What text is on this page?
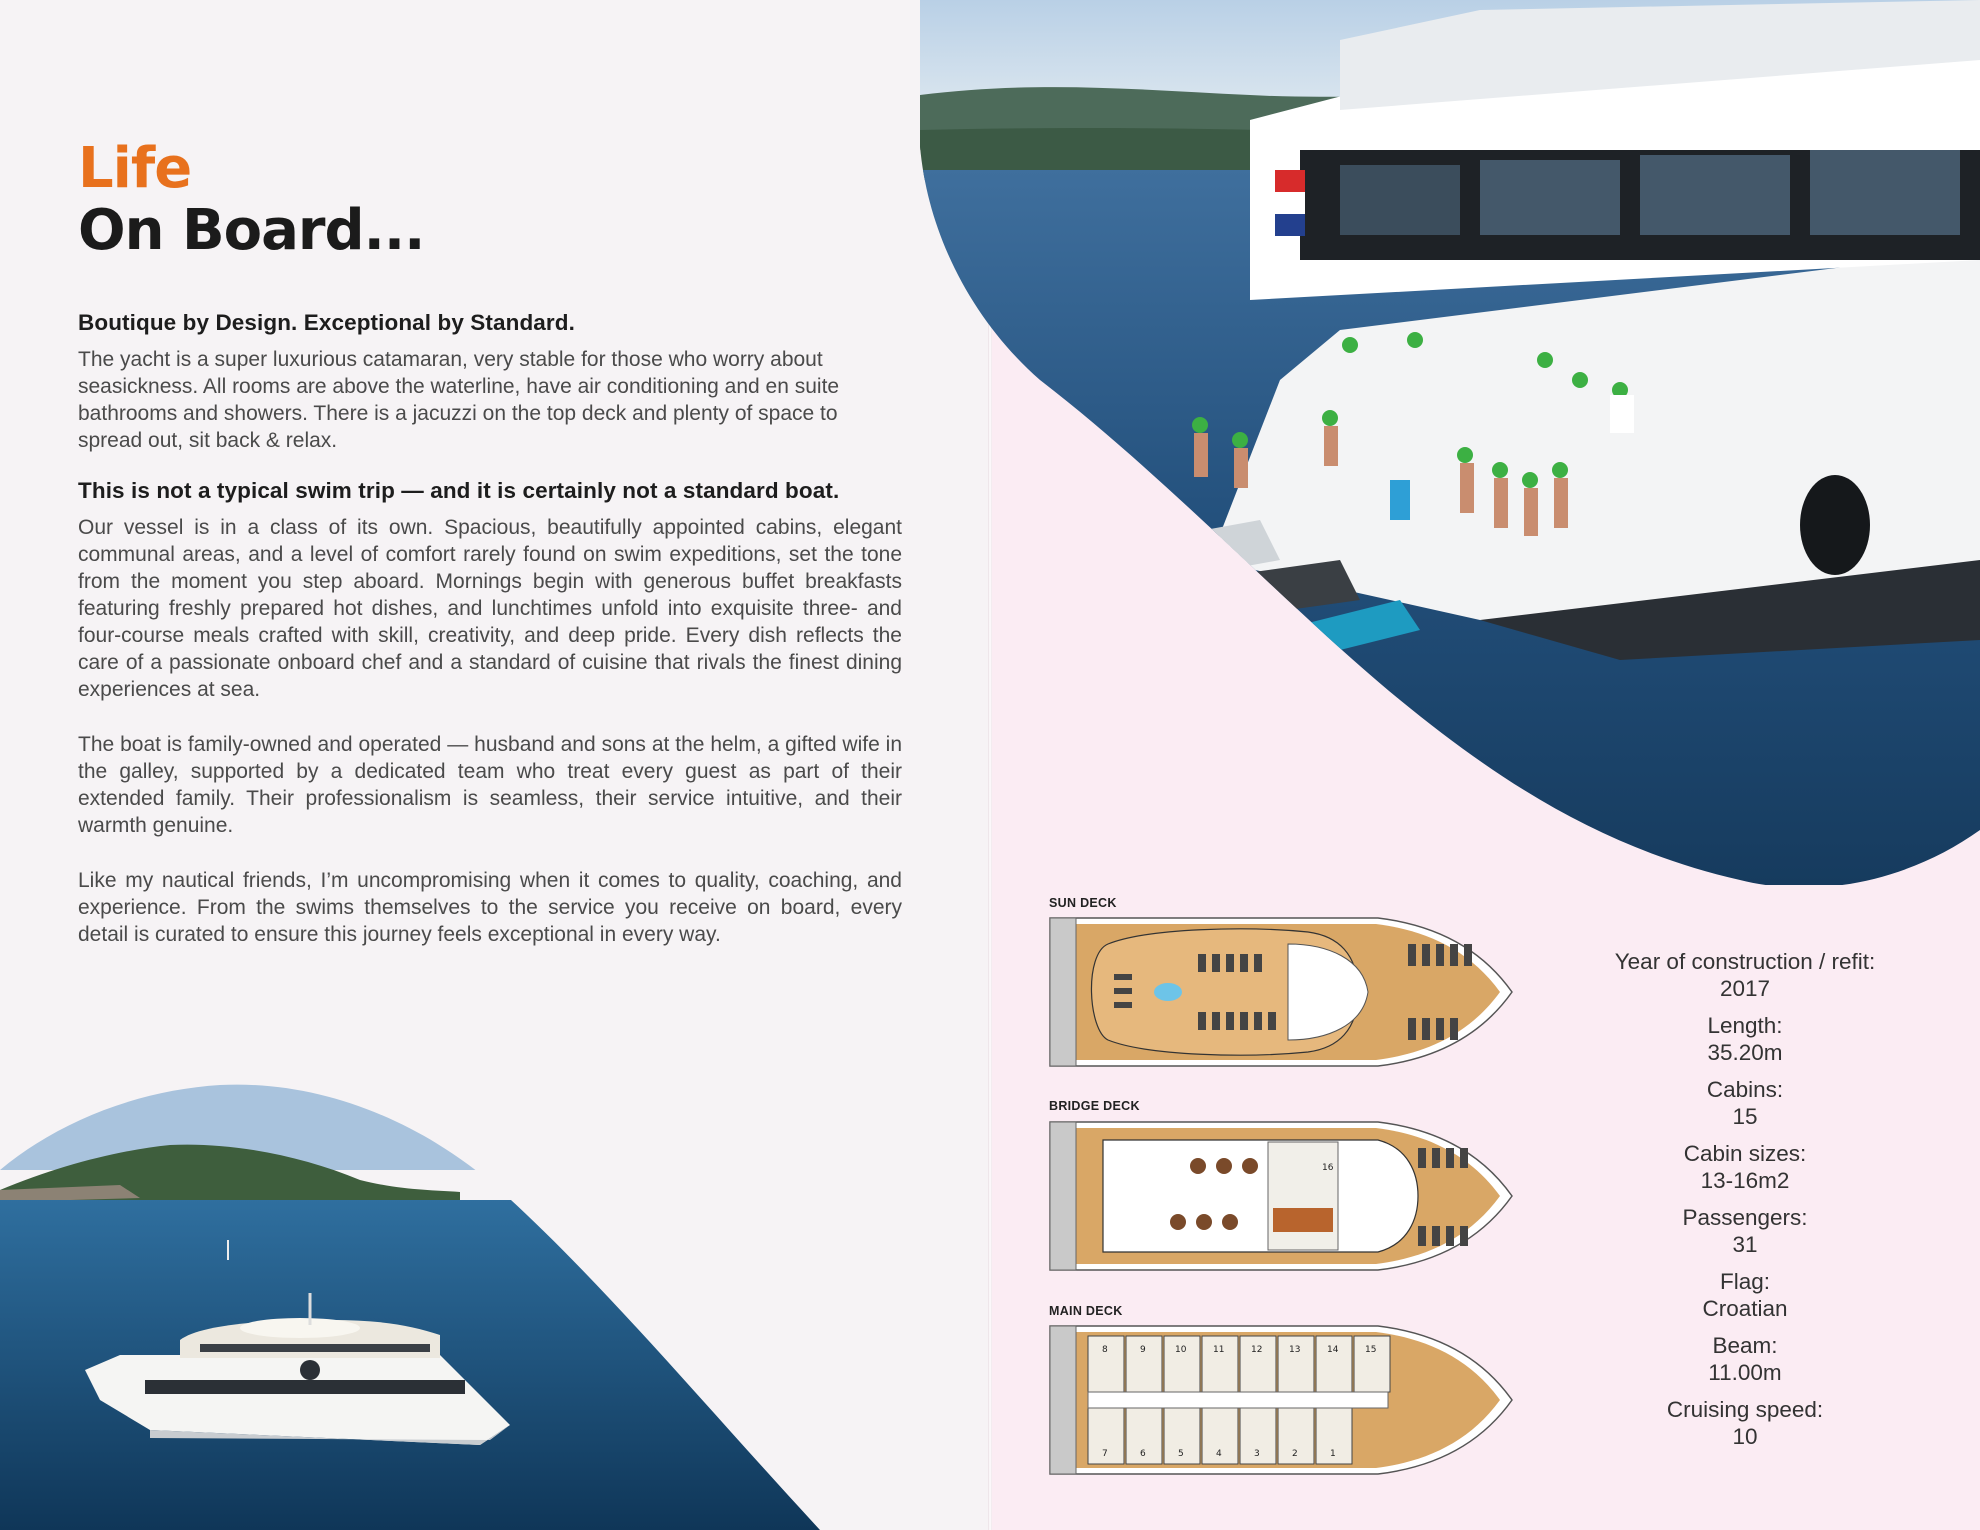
Life
On Board...
Boutique by Design. Exceptional by Standard.

The yacht is a super luxurious catamaran, very stable for those who worry about seasickness. All rooms are above the waterline, have air conditioning and en suite bathrooms and showers. There is a jacuzzi on the top deck and plenty of space to spread out, sit back & relax.

This is not a typical swim trip — and it is certainly not a standard boat.

Our vessel is in a class of its own. Spacious, beautifully appointed cabins, elegant communal areas, and a level of comfort rarely found on swim expeditions, set the tone from the moment you step aboard. Mornings begin with generous buffet breakfasts featuring freshly prepared hot dishes, and lunchtimes unfold into exquisite three- and four-course meals crafted with skill, creativity, and deep pride. Every dish reflects the care of a passionate onboard chef and a standard of cuisine that rivals the finest dining experiences at sea.

The boat is family-owned and operated — husband and sons at the helm, a gifted wife in the galley, supported by a dedicated team who treat every guest as part of their extended family. Their professionalism is seamless, their service intuitive, and their warmth genuine.

Like my nautical friends, I’m uncompromising when it comes to quality, coaching, and experience. From the swims themselves to the service you receive on board, every detail is curated to ensure this journey feels exceptional in every way.

SUN DECK
BRIDGE DECK
MAIN DECK
16
8	9	10	11	12	13	14	15
7	6	5	4	3	2	1
Year of construction / refit:
2017
Length:
35.20m
Cabins:
15
Cabin sizes:
13-16m2
Passengers:
31
Flag:
Croatian
Beam:
11.00m
Cruising speed:
10
